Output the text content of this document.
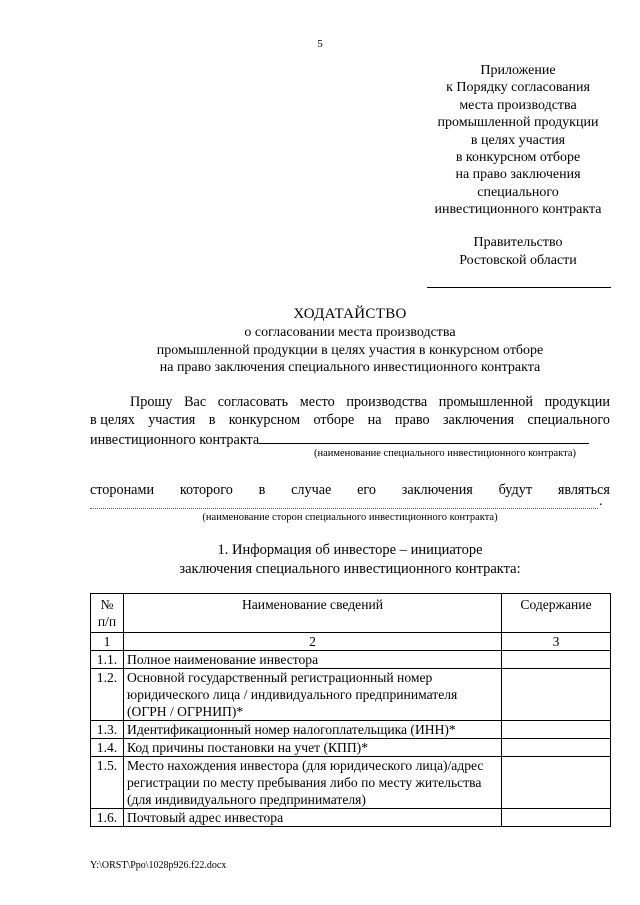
5
Приложение
к Порядку согласования
места производства
промышленной продукции
в целях участия
в конкурсном отборе
на право заключения
специального
инвестиционного контракта
Правительство
Ростовской области
ХОДАТАЙСТВО
о согласовании места производства
промышленной продукции в целях участия в конкурсном отборе
на право заключения специального инвестиционного контракта
Прошу Вас согласовать место производства промышленной продукции
в целях участия в конкурсном отборе на право заключения специального
инвестиционного контракта
(наименование специального инвестиционного контракта)
сторонами которого в случае его заключения будут являться
.
(наименование сторон специального инвестиционного контракта)
1. Информация об инвесторе – инициаторе
заключения специального инвестиционного контракта:
№ п/п	Наименование сведений	Содержание
1	2	3
1.1.	Полное наименование инвестора	
1.2.	Основной государственный регистрационный номер юридического лица / индивидуального предпринимателя (ОГРН / ОГРНИП)*	
1.3.	Идентификационный номер налогоплательщика (ИНН)*	
1.4.	Код причины постановки на учет (КПП)*	
1.5.	Место нахождения инвестора (для юридического лица)/адрес регистрации по месту пребывания либо по месту жительства (для индивидуального предпринимателя)	
1.6.	Почтовый адрес инвестора	
Y:\ORST\Ppo\1028p926.f22.docx
